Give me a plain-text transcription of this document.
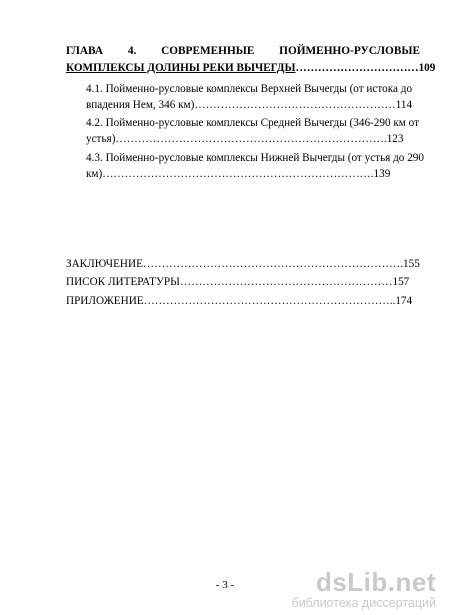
ГЛАВА 4. СОВРЕМЕННЫЕ ПОЙМЕННО-РУСЛОВЫЕ
КОМПЛЕКСЫ ДОЛИНЫ РЕКИ ВЫЧЕГДЫ……………………………109
4.1. Пойменно-русловые комплексы Верхней Вычегды (от истока до
впадения Нем, 346 км)………………………………………………114
4.2. Пойменно-русловые комплексы Средней Вычегды (346-290 км от
устья)……………………………………………………………….123
4.3. Пойменно-русловые комплексы Нижней Вычегды (от устья до 290
км)……………………………………………………………….139
ЗАКЛЮЧЕНИЕ…………………………………………………………….155
ПИСОК ЛИТЕРАТУРЫ…………………………………………………157
ПРИЛОЖЕНИЕ…………………………………………………………..174
- 3 -	dsLib.net
библиотека диссертаций
